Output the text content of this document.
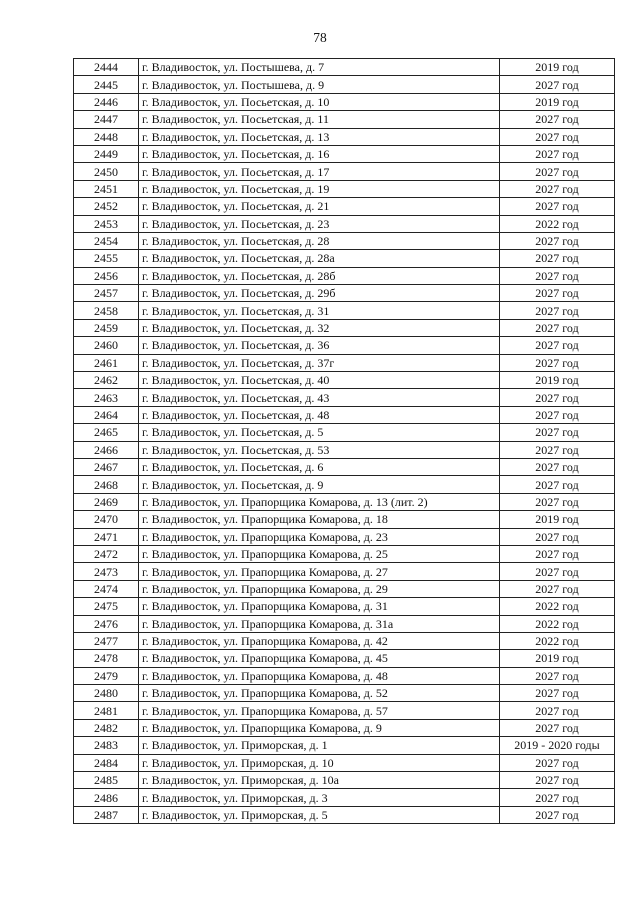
78
2444	г. Владивосток, ул. Постышева, д. 7	2019 год
2445	г. Владивосток, ул. Постышева, д. 9	2027 год
2446	г. Владивосток, ул. Посьетская, д. 10	2019 год
2447	г. Владивосток, ул. Посьетская, д. 11	2027 год
2448	г. Владивосток, ул. Посьетская, д. 13	2027 год
2449	г. Владивосток, ул. Посьетская, д. 16	2027 год
2450	г. Владивосток, ул. Посьетская, д. 17	2027 год
2451	г. Владивосток, ул. Посьетская, д. 19	2027 год
2452	г. Владивосток, ул. Посьетская, д. 21	2027 год
2453	г. Владивосток, ул. Посьетская, д. 23	2022 год
2454	г. Владивосток, ул. Посьетская, д. 28	2027 год
2455	г. Владивосток, ул. Посьетская, д. 28а	2027 год
2456	г. Владивосток, ул. Посьетская, д. 28б	2027 год
2457	г. Владивосток, ул. Посьетская, д. 29б	2027 год
2458	г. Владивосток, ул. Посьетская, д. 31	2027 год
2459	г. Владивосток, ул. Посьетская, д. 32	2027 год
2460	г. Владивосток, ул. Посьетская, д. 36	2027 год
2461	г. Владивосток, ул. Посьетская, д. 37г	2027 год
2462	г. Владивосток, ул. Посьетская, д. 40	2019 год
2463	г. Владивосток, ул. Посьетская, д. 43	2027 год
2464	г. Владивосток, ул. Посьетская, д. 48	2027 год
2465	г. Владивосток, ул. Посьетская, д. 5	2027 год
2466	г. Владивосток, ул. Посьетская, д. 53	2027 год
2467	г. Владивосток, ул. Посьетская, д. 6	2027 год
2468	г. Владивосток, ул. Посьетская, д. 9	2027 год
2469	г. Владивосток, ул. Прапорщика Комарова, д. 13 (лит. 2)	2027 год
2470	г. Владивосток, ул. Прапорщика Комарова, д. 18	2019 год
2471	г. Владивосток, ул. Прапорщика Комарова, д. 23	2027 год
2472	г. Владивосток, ул. Прапорщика Комарова, д. 25	2027 год
2473	г. Владивосток, ул. Прапорщика Комарова, д. 27	2027 год
2474	г. Владивосток, ул. Прапорщика Комарова, д. 29	2027 год
2475	г. Владивосток, ул. Прапорщика Комарова, д. 31	2022 год
2476	г. Владивосток, ул. Прапорщика Комарова, д. 31а	2022 год
2477	г. Владивосток, ул. Прапорщика Комарова, д. 42	2022 год
2478	г. Владивосток, ул. Прапорщика Комарова, д. 45	2019 год
2479	г. Владивосток, ул. Прапорщика Комарова, д. 48	2027 год
2480	г. Владивосток, ул. Прапорщика Комарова, д. 52	2027 год
2481	г. Владивосток, ул. Прапорщика Комарова, д. 57	2027 год
2482	г. Владивосток, ул. Прапорщика Комарова, д. 9	2027 год
2483	г. Владивосток, ул. Приморская, д. 1	2019 - 2020 годы
2484	г. Владивосток, ул. Приморская, д. 10	2027 год
2485	г. Владивосток, ул. Приморская, д. 10а	2027 год
2486	г. Владивосток, ул. Приморская, д. 3	2027 год
2487	г. Владивосток, ул. Приморская, д. 5	2027 год
